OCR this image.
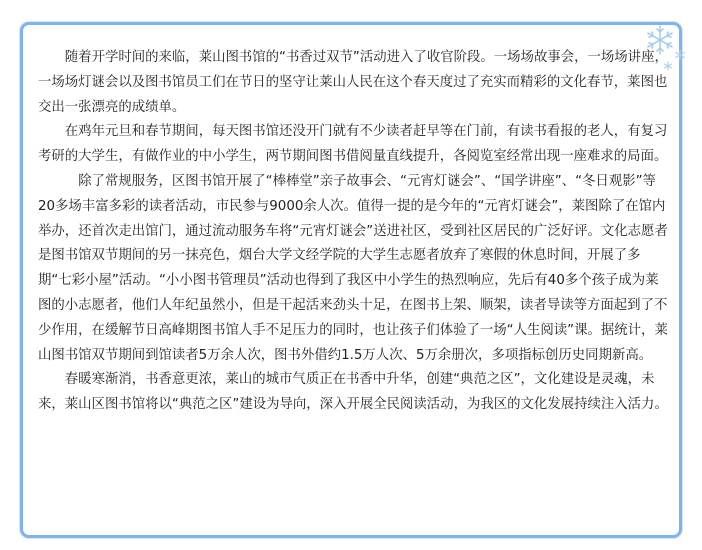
随着开学时间的来临，莱山图书馆的“书香过双节”活动进入了收官阶段。一场场故事会，一场场讲座，一场场灯谜会以及图书馆员工们在节日的坚守让莱山人民在这个春天度过了充实而精彩的文化春节，莱图也交出一张漂亮的成绩单。

在鸡年元旦和春节期间，每天图书馆还没开门就有不少读者赶早等在门前，有读书看报的老人，有复习考研的大学生，有做作业的中小学生，两节期间图书借阅量直线提升，各阅览室经常出现一座难求的局面。

除了常规服务，区图书馆开展了“棒棒堂”亲子故事会、“元宵灯谜会”、“国学讲座”、“冬日观影”等20多场丰富多彩的读者活动，市民参与9000余人次。值得一提的是今年的“元宵灯谜会”，莱图除了在馆内举办，还首次走出馆门，通过流动服务车将“元宵灯谜会”送进社区，受到社区居民的广泛好评。文化志愿者是图书馆双节期间的另一抹亮色，烟台大学文经学院的大学生志愿者放弃了寒假的休息时间，开展了多期“七彩小屋”活动。“小小图书管理员”活动也得到了我区中小学生的热烈响应，先后有40多个孩子成为莱图的小志愿者，他们人年纪虽然小，但是干起活来劲头十足，在图书上架、顺架，读者导读等方面起到了不少作用，在缓解节日高峰期图书馆人手不足压力的同时，也让孩子们体验了一场“人生阅读”课。据统计，莱山图书馆双节期间到馆读者5万余人次，图书外借约1.5万人次、5万余册次，多项指标创历史同期新高。

春暖寒渐消，书香意更浓，莱山的城市气质正在书香中升华，创建“典范之区”，文化建设是灵魂，未来，莱山区图书馆将以“典范之区”建设为导向，深入开展全民阅读活动，为我区的文化发展持续注入活力。
